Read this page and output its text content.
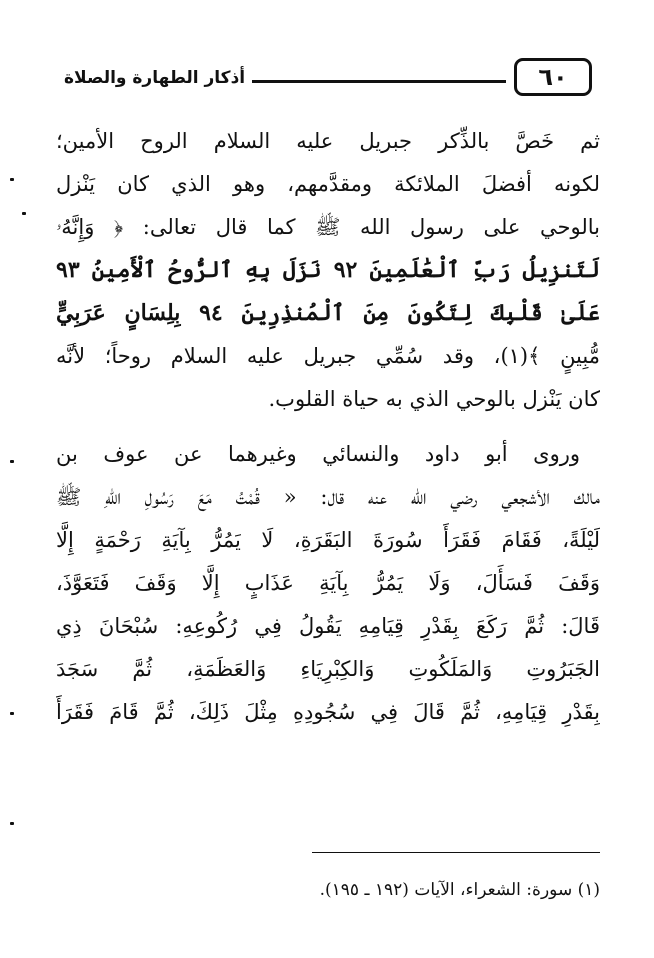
أذكار الطهارة والصلاة	٦٠
ثم خَصَّ بالذِّكر جبريل عليه السلام الروح الأمين؛
لكونه أفضلَ الملائكة ومقدَّمهم، وهو الذي كان يَنْزل
بالوحي على رسول الله ﷺ كما قال تعالى: ﴿ وَإِنَّهُۥ
لَتَنزِيلُ رَبِّ ٱلْعَٰلَمِينَ ٩٢ نَزَلَ بِهِ ٱلرُّوحُ ٱلْأَمِينُ ٩٣
عَلَىٰ قَلْبِكَ لِتَكُونَ مِنَ ٱلْمُنذِرِينَ ٩٤ بِلِسَانٍ عَرَبِيٍّ
مُّبِينٍ ﴾(١)، وقد سُمِّي جبريل عليه السلام روحاً؛ لأنَّه
كان يَنْزل بالوحي الذي به حياة القلوب.
وروى أبو داود والنسائي وغيرهما عن عوف بن
مالك الأشجعي رضي الله عنه قال: « قُمْتُ مَعَ رَسُولِ اللهِ ﷺ
لَيْلَةً، فَقَامَ فَقَرَأَ سُورَةَ البَقَرَةِ، لَا يَمُرُّ بِآيَةِ رَحْمَةٍ إِلَّا
وَقَفَ فَسَأَلَ، وَلَا يَمُرُّ بِآيَةِ عَذَابٍ إِلَّا وَقَفَ فَتَعَوَّذَ،
قَالَ: ثُمَّ رَكَعَ بِقَدْرِ قِيَامِهِ يَقُولُ فِي رُكُوعِهِ: سُبْحَانَ ذِي
الجَبَرُوتِ وَالمَلَكُوتِ وَالكِبْرِيَاءِ وَالعَظَمَةِ، ثُمَّ سَجَدَ
بِقَدْرِ قِيَامِهِ، ثُمَّ قَالَ فِي سُجُودِهِ مِثْلَ ذَلِكَ، ثُمَّ قَامَ فَقَرَأَ
(١) سورة: الشعراء، الآيات (١٩٢ ـ ١٩٥).
